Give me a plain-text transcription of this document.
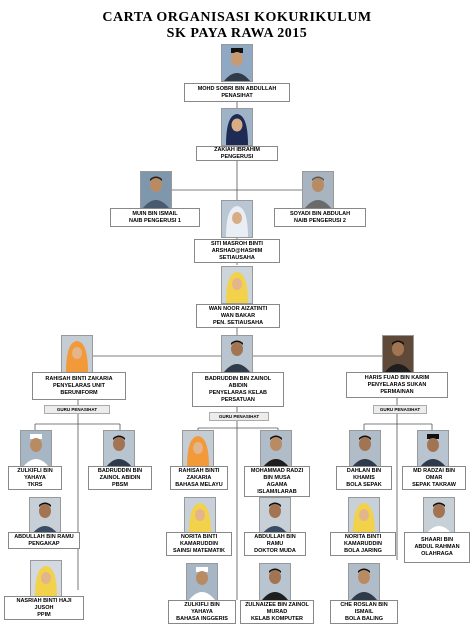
CARTA ORGANISASI KOKURIKULUM
SK PAYA RAWA 2015
MOHD SOBRI BIN ABDULLAH
PENASIHAT
ZAKIAH IBRAHIM
PENGERUSI
MUIN BIN ISMAIL
NAIB PENGERUSI 1
SOYADI BIN ABDULAH
NAIB PENGERUSI 2
SITI MASROH BINTI
ARSHAD@HASHIM
SETIAUSAHA
WAN NOOR AIZATINTI
WAN BAKAR
PEN. SETIAUSAHA
RAHISAH BINTI ZAKARIA
PENYELARAS UNIT
BERUNIFORM
BADRUDDIN BIN ZAINOL
ABIDIN
PENYELARAS KELAB
PERSATUAN
HARIS FUAD BIN KARIM
PENYELARAS SUKAN
PERMAINAN
GURU PENASIHAT
GURU PENASIHAT
GURU PENASIHAT
ZULKIFLI BIN
YAHAYA
TKRS
BADRUDDIN BIN
ZAINOL ABIDIN
PBSM
ABDULLAH BIN RAMU
PENGAKAP
NASRIAH BINTI HAJI
JUSOH
PPIM
RAHISAH BINTI
ZAKARIA
BAHASA MELAYU
MOHAMMAD RADZI
BIN MUSA
AGAMA
ISLAM/ILARAB
NORITA BINTI
KAMARUDDIN
SAINS/ MATEMATIK
ABDULLAH BIN
RAMU
DOKTOR MUDA
ZULKIFLI BIN
YAHAYA
BAHASA INGGERIS
ZULNAIZEE BIN ZAINOL
MURAD
KELAB KOMPUTER
DAHLAN BIN
KHAMIS
BOLA SEPAK
MD RADZAI BIN
OMAR
SEPAK TAKRAW
NORITA BINTI
KAMARUDDIN
BOLA JARING
SHAARI BIN
ABDUL RAHMAN
OLAHRAGA
CHE ROSLAN BIN
ISMAIL
BOLA BALING
